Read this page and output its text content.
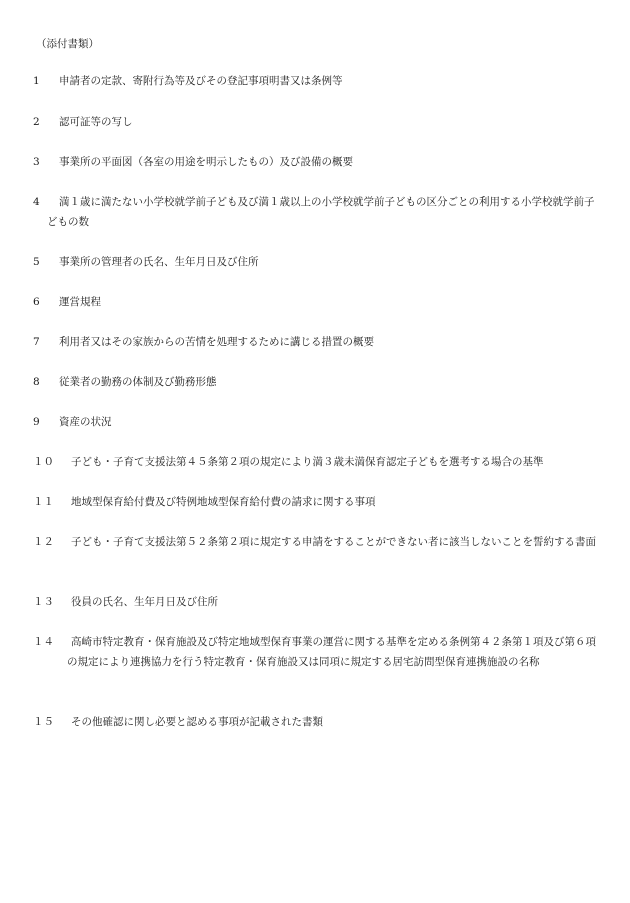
（添付書類）
1 申請者の定款、寄附行為等及びその登記事項明書又は条例等
2 認可証等の写し
3 事業所の平面図（各室の用途を明示したもの）及び設備の概要
4	満１歳に満たない小学校就学前子ども及び満１歳以上の小学校就学前子どもの区分ごとの利用する小学校就学前子どもの数
5 事業所の管理者の氏名、生年月日及び住所
6 運営規程
7 利用者又はその家族からの苦情を処理するために講じる措置の概要
8 従業者の勤務の体制及び勤務形態
9 資産の状況
１０ 子ども・子育て支援法第４５条第２項の規定により満３歳未満保育認定子どもを選考する場合の基準
１１ 地域型保育給付費及び特例地域型保育給付費の請求に関する事項
１２	子ども・子育て支援法第５２条第２項に規定する申請をすることができない者に該当しないことを誓約する書面
１３ 役員の氏名、生年月日及び住所
１４	高崎市特定教育・保育施設及び特定地域型保育事業の運営に関する基準を定める条例第４２条第１項及び第６項の規定により連携協力を行う特定教育・保育施設又は同項に規定する居宅訪問型保育連携施設の名称
１５ その他確認に関し必要と認める事項が記載された書類
